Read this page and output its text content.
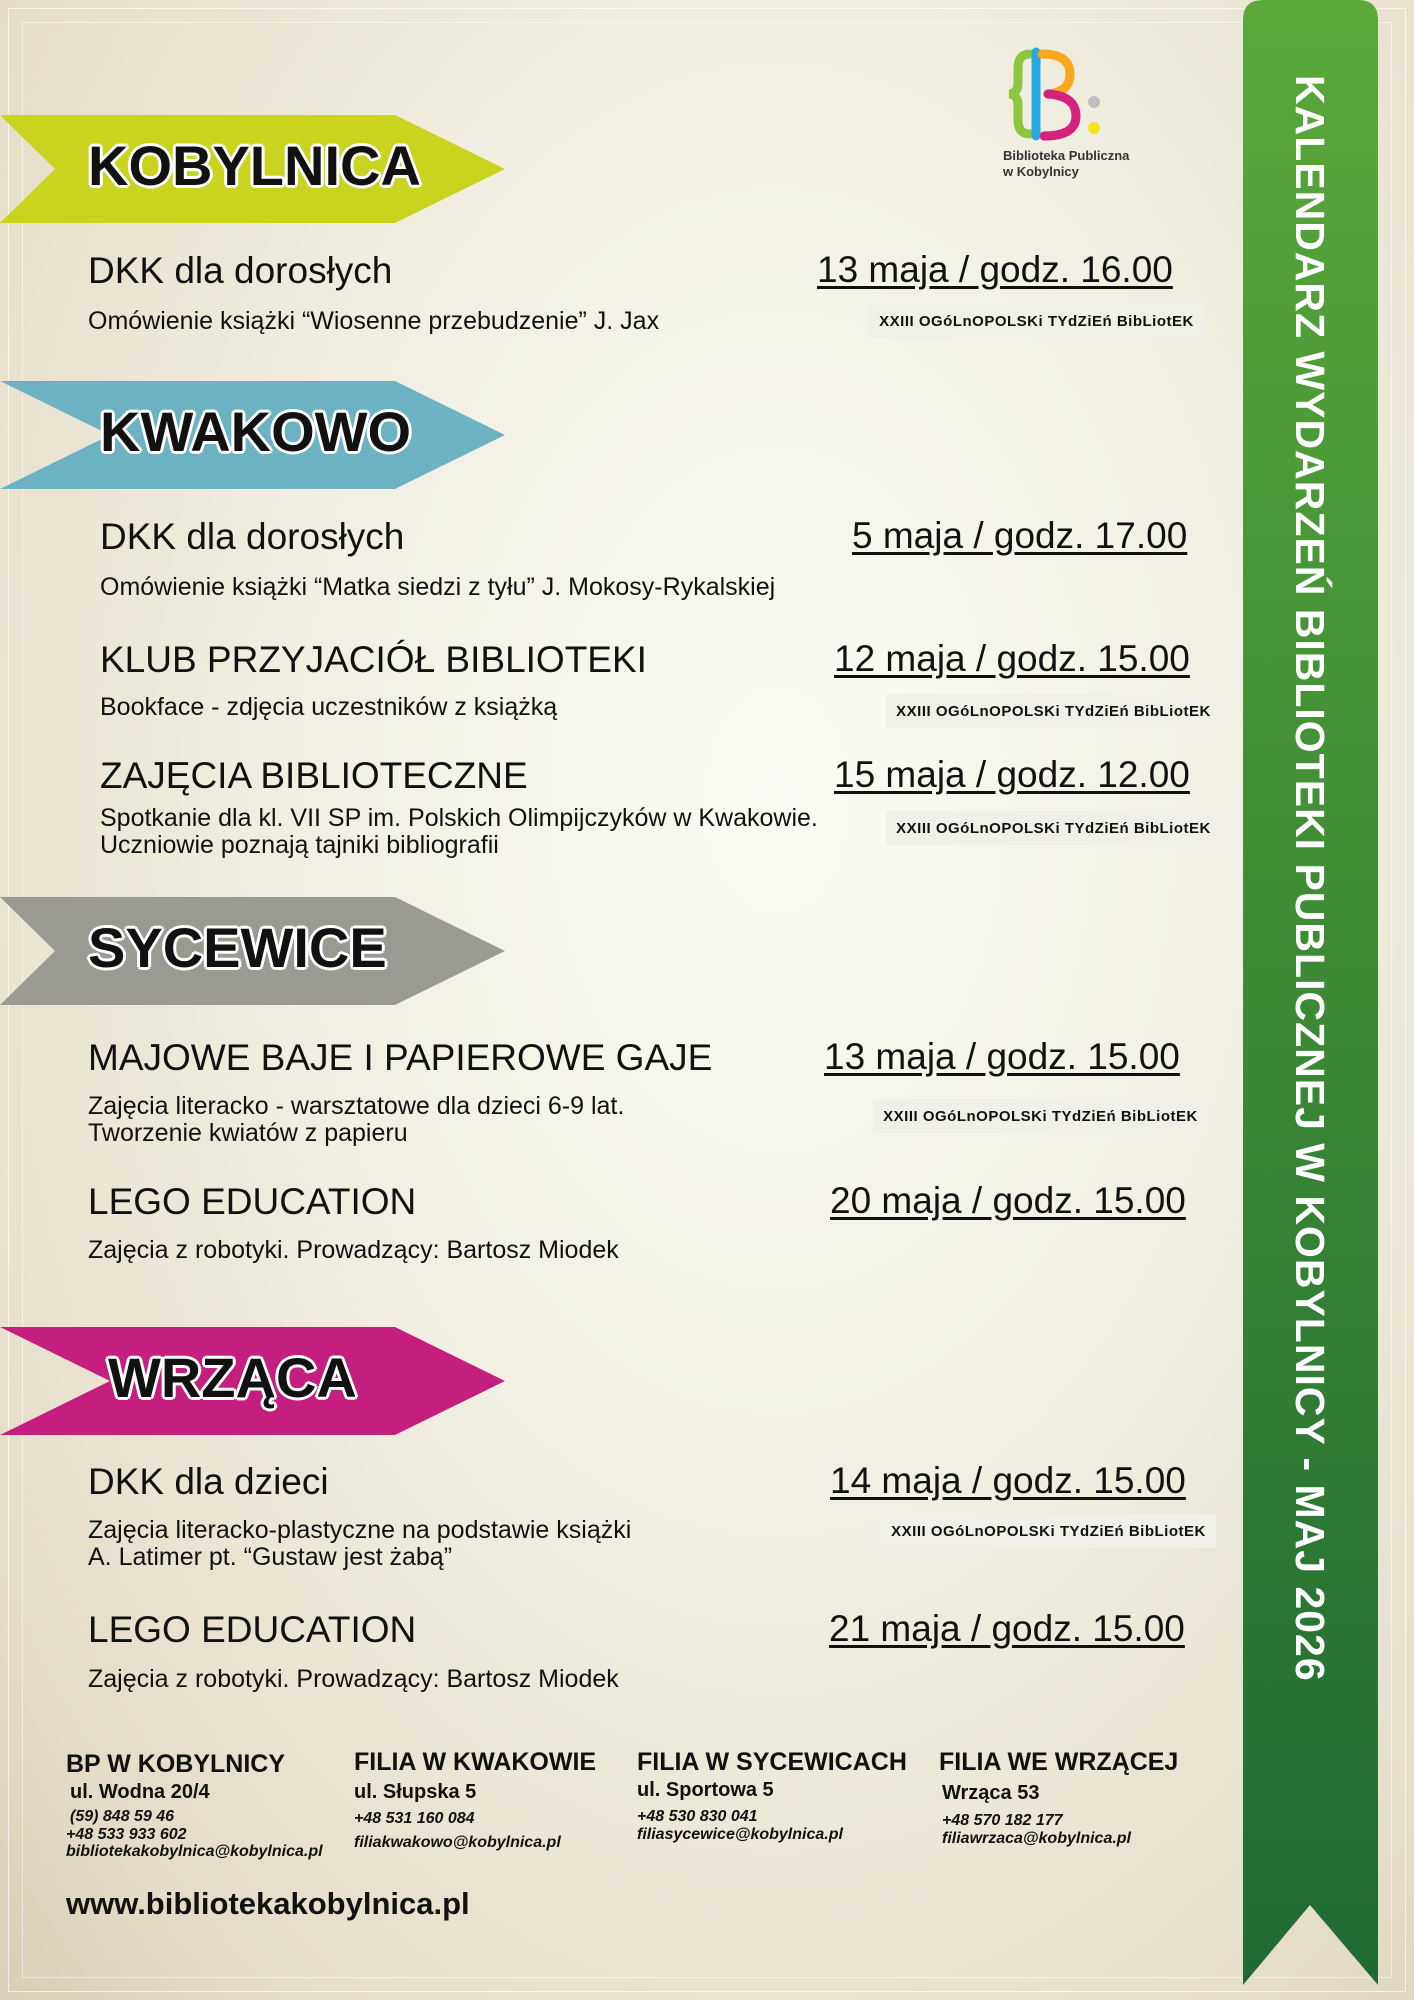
Biblioteka Publiczna
w Kobylnicy	KALENDARZ WYDARZEŃ BIBLIOTEKI PUBLICZNEJ W KOBYLNICY - MAJ 2026
KOBYLNICA
DKK dla dorosłych	13 maja / godz. 16.00
Omówienie książki “Wiosenne przebudzenie” J. Jax	XXIII OGóLnOPOLSKi TYdZiEń BibLiotEK
KWAKOWO
DKK dla dorosłych	5 maja / godz. 17.00
Omówienie książki “Matka siedzi z tyłu” J. Mokosy-Rykalskiej
KLUB PRZYJACIÓŁ BIBLIOTEKI	12 maja / godz. 15.00
Bookface - zdjęcia uczestników z książką	XXIII OGóLnOPOLSKi TYdZiEń BibLiotEK
ZAJĘCIA BIBLIOTECZNE	15 maja / godz. 12.00
Spotkanie dla kl. VII SP im. Polskich Olimpijczyków w Kwakowie.
Uczniowie poznają tajniki bibliografii
XXIII OGóLnOPOLSKi TYdZiEń BibLiotEK
SYCEWICE
MAJOWE BAJE I PAPIEROWE GAJE	13 maja / godz. 15.00
Zajęcia literacko - warsztatowe dla dzieci 6-9 lat.
Tworzenie kwiatów z papieru
XXIII OGóLnOPOLSKi TYdZiEń BibLiotEK
LEGO EDUCATION	20 maja / godz. 15.00
Zajęcia z robotyki. Prowadzący: Bartosz Miodek
WRZĄCA
DKK dla dzieci	14 maja / godz. 15.00
Zajęcia literacko-plastyczne na podstawie książki
A. Latimer pt. “Gustaw jest żabą”
XXIII OGóLnOPOLSKi TYdZiEń BibLiotEK
LEGO EDUCATION	21 maja / godz. 15.00
Zajęcia z robotyki. Prowadzący: Bartosz Miodek
BP W KOBYLNICY
ul. Wodna 20/4
(59) 848 59 46
+48 533 933 602
bibliotekakobylnica@kobylnica.pl
FILIA W KWAKOWIE
ul. Słupska 5
+48 531 160 084
filiakwakowo@kobylnica.pl
FILIA W SYCEWICACH
ul. Sportowa 5
+48 530 830 041
filiasycewice@kobylnica.pl
FILIA WE WRZĄCEJ
Wrząca 53
+48 570 182 177
filiawrzaca@kobylnica.pl
www.bibliotekakobylnica.pl
